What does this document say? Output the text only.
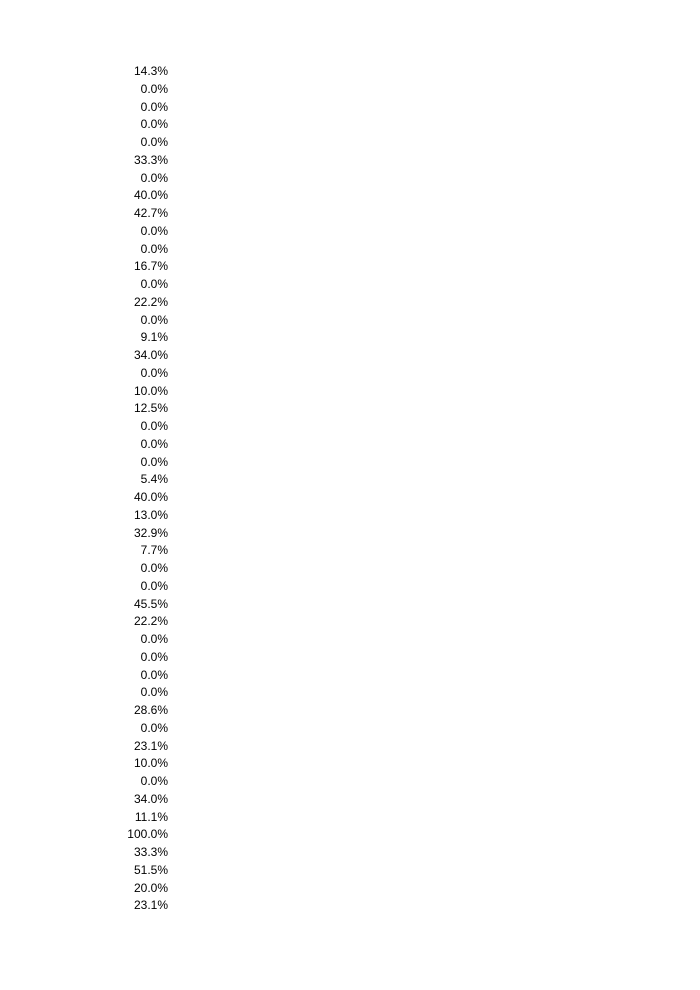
14.3%
0.0%
0.0%
0.0%
0.0%
33.3%
0.0%
40.0%
42.7%
0.0%
0.0%
16.7%
0.0%
22.2%
0.0%
9.1%
34.0%
0.0%
10.0%
12.5%
0.0%
0.0%
0.0%
5.4%
40.0%
13.0%
32.9%
7.7%
0.0%
0.0%
45.5%
22.2%
0.0%
0.0%
0.0%
0.0%
28.6%
0.0%
23.1%
10.0%
0.0%
34.0%
11.1%
100.0%
33.3%
51.5%
20.0%
23.1%
